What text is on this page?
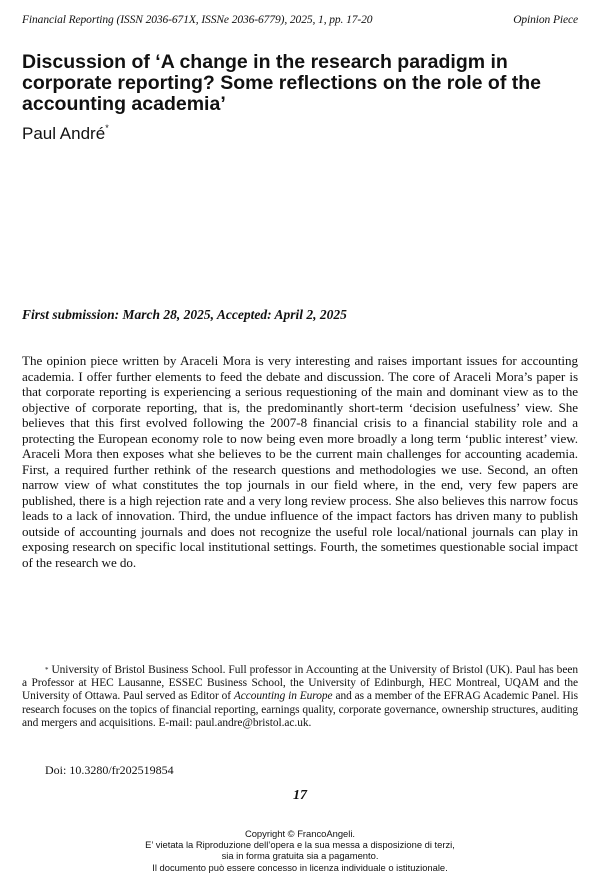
Financial Reporting (ISSN 2036-671X, ISSNe 2036-6779), 2025, 1, pp. 17-20	Opinion Piece
Discussion of ‘A change in the research paradigm in corporate reporting? Some reflections on the role of the accounting academia’
Paul André*
First submission: March 28, 2025, Accepted: April 2, 2025

The opinion piece written by Araceli Mora is very interesting and raises important issues for accounting academia. I offer further elements to feed the debate and discussion. The core of Araceli Mora’s paper is that corporate reporting is experiencing a serious requestioning of the main and dominant view as to the objective of corporate reporting, that is, the predominantly short-term ‘decision usefulness’ view. She believes that this first evolved following the 2007-8 financial crisis to a financial stability role and a protecting the European economy role to now being even more broadly a long term ‘public interest’ view. Araceli Mora then exposes what she believes to be the current main challenges for accounting academia. First, a required further rethink of the research questions and methodologies we use. Second, an often narrow view of what constitutes the top journals in our field where, in the end, very few papers are published, there is a high rejection rate and a very long review process. She also believes this narrow focus leads to a lack of innovation. Third, the undue influence of the impact factors has driven many to publish outside of accounting journals and does not recognize the useful role local/national journals can play in exposing research on specific local institutional settings. Fourth, the sometimes questionable social impact of the research we do.

* University of Bristol Business School. Full professor in Accounting at the University of Bristol (UK). Paul has been a Professor at HEC Lausanne, ESSEC Business School, the University of Edinburgh, HEC Montreal, UQAM and the University of Ottawa. Paul served as Editor of Accounting in Europe and as a member of the EFRAG Academic Panel. His research focuses on the topics of financial reporting, earnings quality, corporate governance, ownership structures, auditing and mergers and acquisitions. E-mail: paul.andre@bristol.ac.uk.

Doi: 10.3280/fr202519854
17
Copyright © FrancoAngeli.
E’ vietata la Riproduzione dell’opera e la sua messa a disposizione di terzi,
sia in forma gratuita sia a pagamento.
Il documento può essere concesso in licenza individuale o istituzionale.
